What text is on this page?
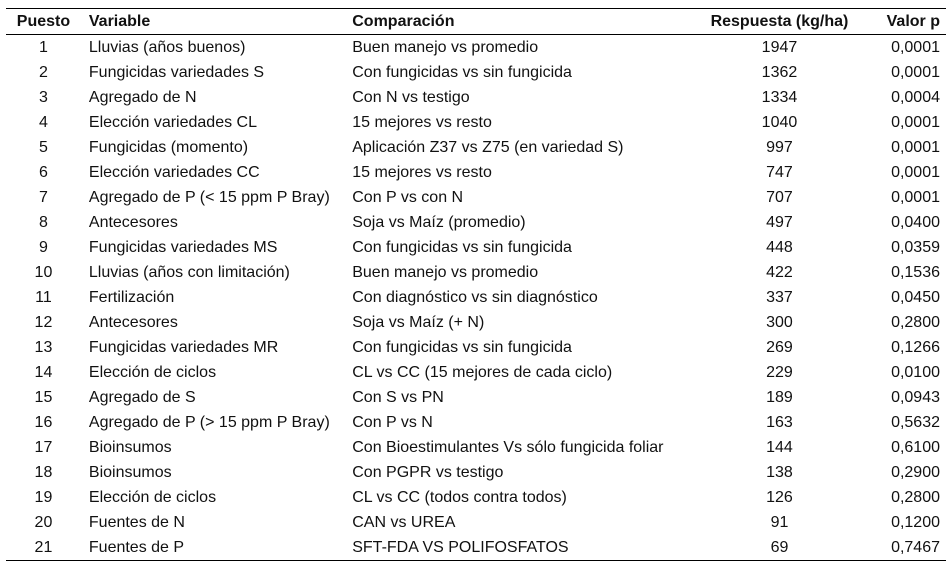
Puesto	Variable	Comparación	Respuesta (kg/ha)	Valor p
1	Lluvias (años buenos)	Buen manejo vs promedio	1947	0,0001
2	Fungicidas variedades S	Con fungicidas vs sin fungicida	1362	0,0001
3	Agregado de N	Con N vs testigo	1334	0,0004
4	Elección variedades CL	15 mejores vs resto	1040	0,0001
5	Fungicidas (momento)	Aplicación Z37 vs Z75 (en variedad S)	997	0,0001
6	Elección variedades CC	15 mejores vs resto	747	0,0001
7	Agregado de P (< 15 ppm P Bray)	Con P vs con N	707	0,0001
8	Antecesores	Soja vs Maíz (promedio)	497	0,0400
9	Fungicidas variedades MS	Con fungicidas vs sin fungicida	448	0,0359
10	Lluvias (años con limitación)	Buen manejo vs promedio	422	0,1536
11	Fertilización	Con diagnóstico vs sin diagnóstico	337	0,0450
12	Antecesores	Soja vs Maíz (+ N)	300	0,2800
13	Fungicidas variedades MR	Con fungicidas vs sin fungicida	269	0,1266
14	Elección de ciclos	CL vs CC (15 mejores de cada ciclo)	229	0,0100
15	Agregado de S	Con S vs PN	189	0,0943
16	Agregado de P (> 15 ppm P Bray)	Con P vs N	163	0,5632
17	Bioinsumos	Con Bioestimulantes Vs sólo fungicida foliar	144	0,6100
18	Bioinsumos	Con PGPR vs testigo	138	0,2900
19	Elección de ciclos	CL vs CC (todos contra todos)	126	0,2800
20	Fuentes de N	CAN vs UREA	91	0,1200
21	Fuentes de P	SFT-FDA VS POLIFOSFATOS	69	0,7467
